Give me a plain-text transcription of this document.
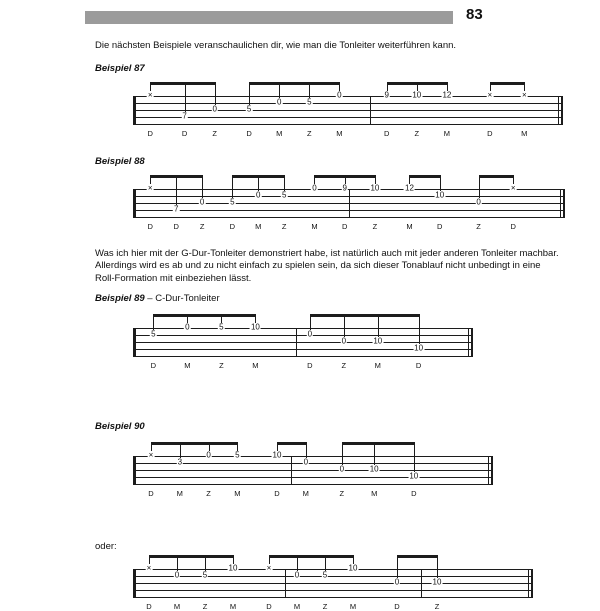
83

Die nächsten Beispiele veranschaulichen dir, wie man die Tonleiter weiterführen kann.

Beispiel 87

×
D
7
D
0
Z
5
D
0
M
5
Z
0
M
9
D
10
Z
12
M
×
D
×
M

Beispiel 88

×
D
7
D
0
Z
5
D
0
M
5
Z
0
M
9
D
10
Z
12
M
10
D
0
Z
×
D

Was ich hier mit der G-Dur-Tonleiter demonstriert habe, ist natürlich auch mit jeder anderen Tonleiter machbar. Allerdings wird es ab und zu nicht einfach zu spielen sein, da sich dieser Tonablauf nicht unbedingt in eine Roll-Formation mit einbeziehen lässt.

Beispiel 89 – C-Dur-Tonleiter

5
D
0
M
5
Z
10
M
0
D
0
Z
10
M
10
D

Beispiel 90

×
D
3
M
0
Z
5
M
10
D
0
M
0
Z
10
M
10
D

oder:

×
D
0
M
5
Z
10
M
×
D
0
M
5
Z
10
M
0
D
10
Z
